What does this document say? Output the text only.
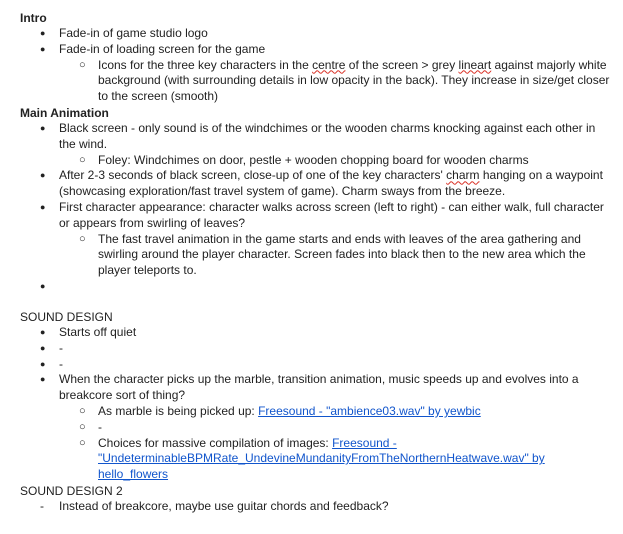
Intro
● Fade-in of game studio logo
● Fade-in of loading screen for the game
○ Icons for the three key characters in the centre of the screen > grey lineart against majorly white background (with surrounding details in low opacity in the back). They increase in size/get closer to the screen (smooth)
Main Animation
● Black screen - only sound is of the windchimes or the wooden charms knocking against each other in the wind.
○ Foley: Windchimes on door, pestle + wooden chopping board for wooden charms
● After 2-3 seconds of black screen, close-up of one of the key characters' charm hanging on a waypoint (showcasing exploration/fast travel system of game). Charm sways from the breeze.
● First character appearance: character walks across screen (left to right) - can either walk, full character or appears from swirling of leaves?
○ The fast travel animation in the game starts and ends with leaves of the area gathering and swirling around the player character. Screen fades into black then to the new area which the player teleports to.
●
SOUND DESIGN
● Starts off quiet
● -
● -
● When the character picks up the marble, transition animation, music speeds up and evolves into a breakcore sort of thing?
○ As marble is being picked up: Freesound - "ambience03.wav" by yewbic
○ -
○ Choices for massive compilation of images: Freesound - "UndeterminableBPMRate_UndevineMundanityFromTheNorthernHeatwave.wav" by hello_flowers
SOUND DESIGN 2
- Instead of breakcore, maybe use guitar chords and feedback?
